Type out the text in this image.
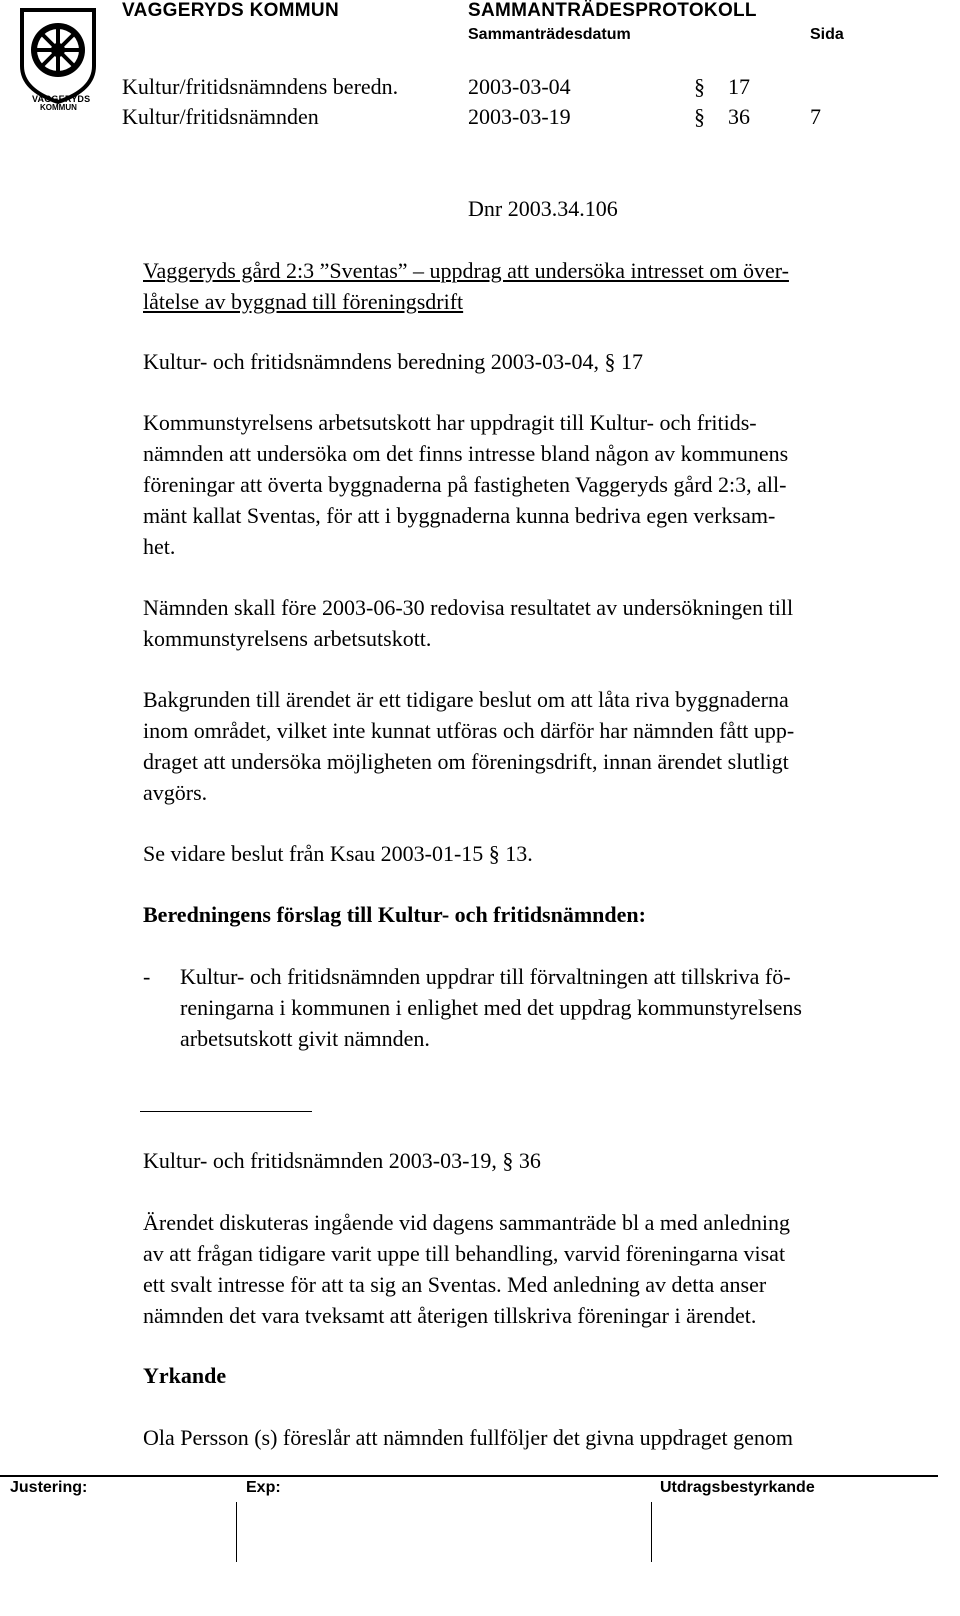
VAGGERYDS
KOMMUN
VAGGERYDS KOMMUN	SAMMANTRÄDESPROTOKOLL
Sammanträdesdatum	Sida
Kultur/fritidsnämndens beredn.	2003-03-04	§ 17
Kultur/fritidsnämnden	2003-03-19	§ 36	7
Dnr 2003.34.106
Vaggeryds gård 2:3 ”Sventas” – uppdrag att undersöka intresset om över-
låtelse av byggnad till föreningsdrift
Kultur- och fritidsnämndens beredning 2003-03-04, § 17
Kommunstyrelsens arbetsutskott har uppdragit till Kultur- och fritids-
nämnden att undersöka om det finns intresse bland någon av kommunens
föreningar att överta byggnaderna på fastigheten Vaggeryds gård 2:3, all-
mänt kallat Sventas, för att i byggnaderna kunna bedriva egen verksam-
het.
Nämnden skall före 2003-06-30 redovisa resultatet av undersökningen till
kommunstyrelsens arbetsutskott.
Bakgrunden till ärendet är ett tidigare beslut om att låta riva byggnaderna
inom området, vilket inte kunnat utföras och därför har nämnden fått upp-
draget att undersöka möjligheten om föreningsdrift, innan ärendet slutligt
avgörs.
Se vidare beslut från Ksau 2003-01-15 § 13.
Beredningens förslag till Kultur- och fritidsnämnden:
- Kultur- och fritidsnämnden uppdrar till förvaltningen att tillskriva fö-
reningarna i kommunen i enlighet med det uppdrag kommunstyrelsens
arbetsutskott givit nämnden.
Kultur- och fritidsnämnden 2003-03-19, § 36
Ärendet diskuteras ingående vid dagens sammanträde bl a med anledning
av att frågan tidigare varit uppe till behandling, varvid föreningarna visat
ett svalt intresse för att ta sig an Sventas. Med anledning av detta anser
nämnden det vara tveksamt att återigen tillskriva föreningar i ärendet.
Yrkande
Ola Persson (s) föreslår att nämnden fullföljer det givna uppdraget genom
Justering:	Exp:	Utdragsbestyrkande
